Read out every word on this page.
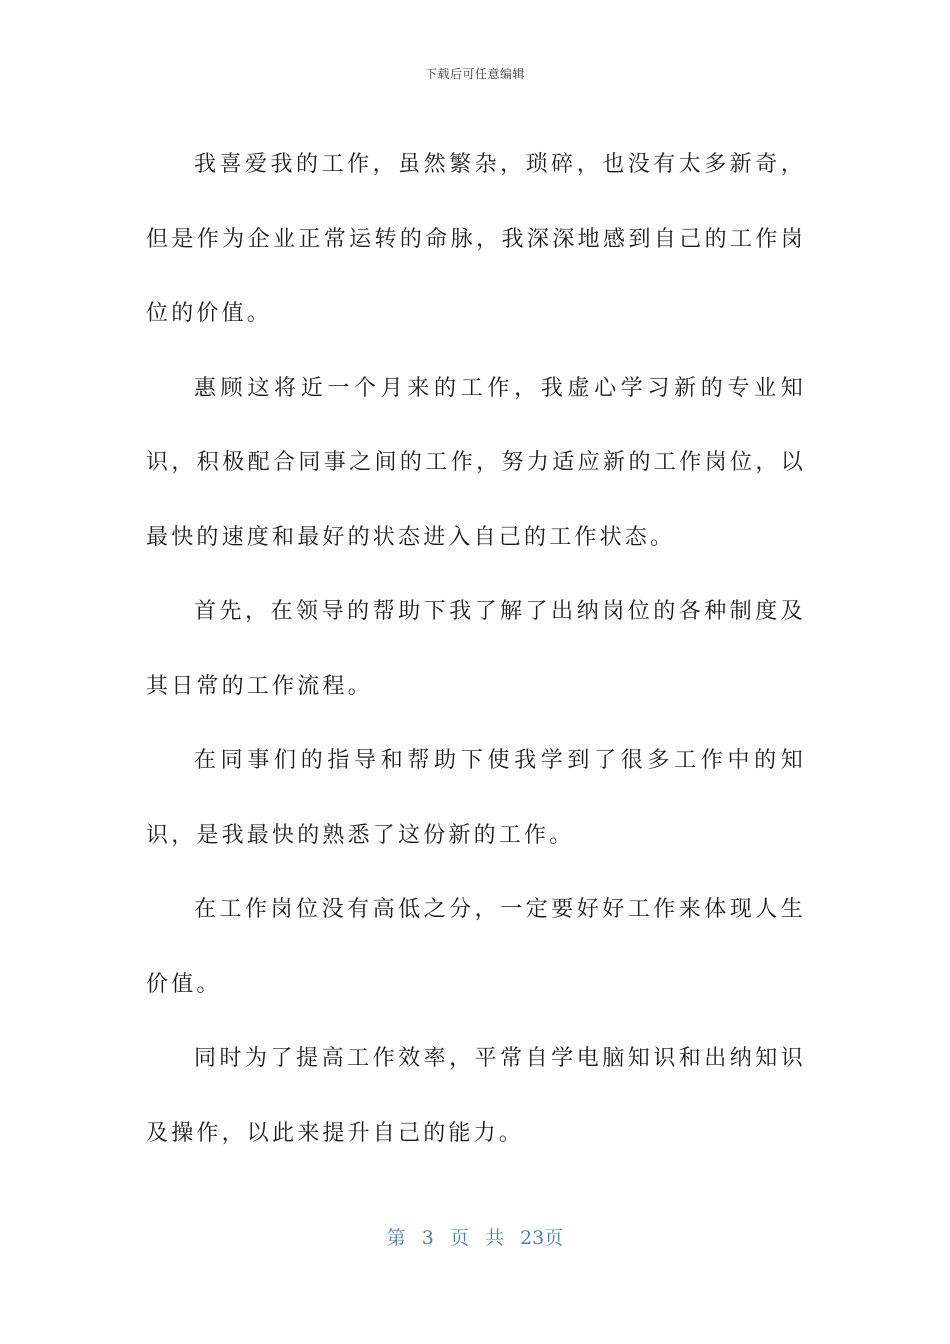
下载后可任意编辑

我喜爱我的工作，虽然繁杂，琐碎，也没有太多新奇，但是作为企业正常运转的命脉，我深深地感到自己的工作岗位的价值。

惠顾这将近一个月来的工作，我虚心学习新的专业知识，积极配合同事之间的工作，努力适应新的工作岗位，以最快的速度和最好的状态进入自己的工作状态。

首先，在领导的帮助下我了解了出纳岗位的各种制度及其日常的工作流程。

在同事们的指导和帮助下使我学到了很多工作中的知识，是我最快的熟悉了这份新的工作。

在工作岗位没有高低之分，一定要好好工作来体现人生价值。

同时为了提高工作效率，平常自学电脑知识和出纳知识及操作，以此来提升自己的能力。

第 3 页 共 23页
